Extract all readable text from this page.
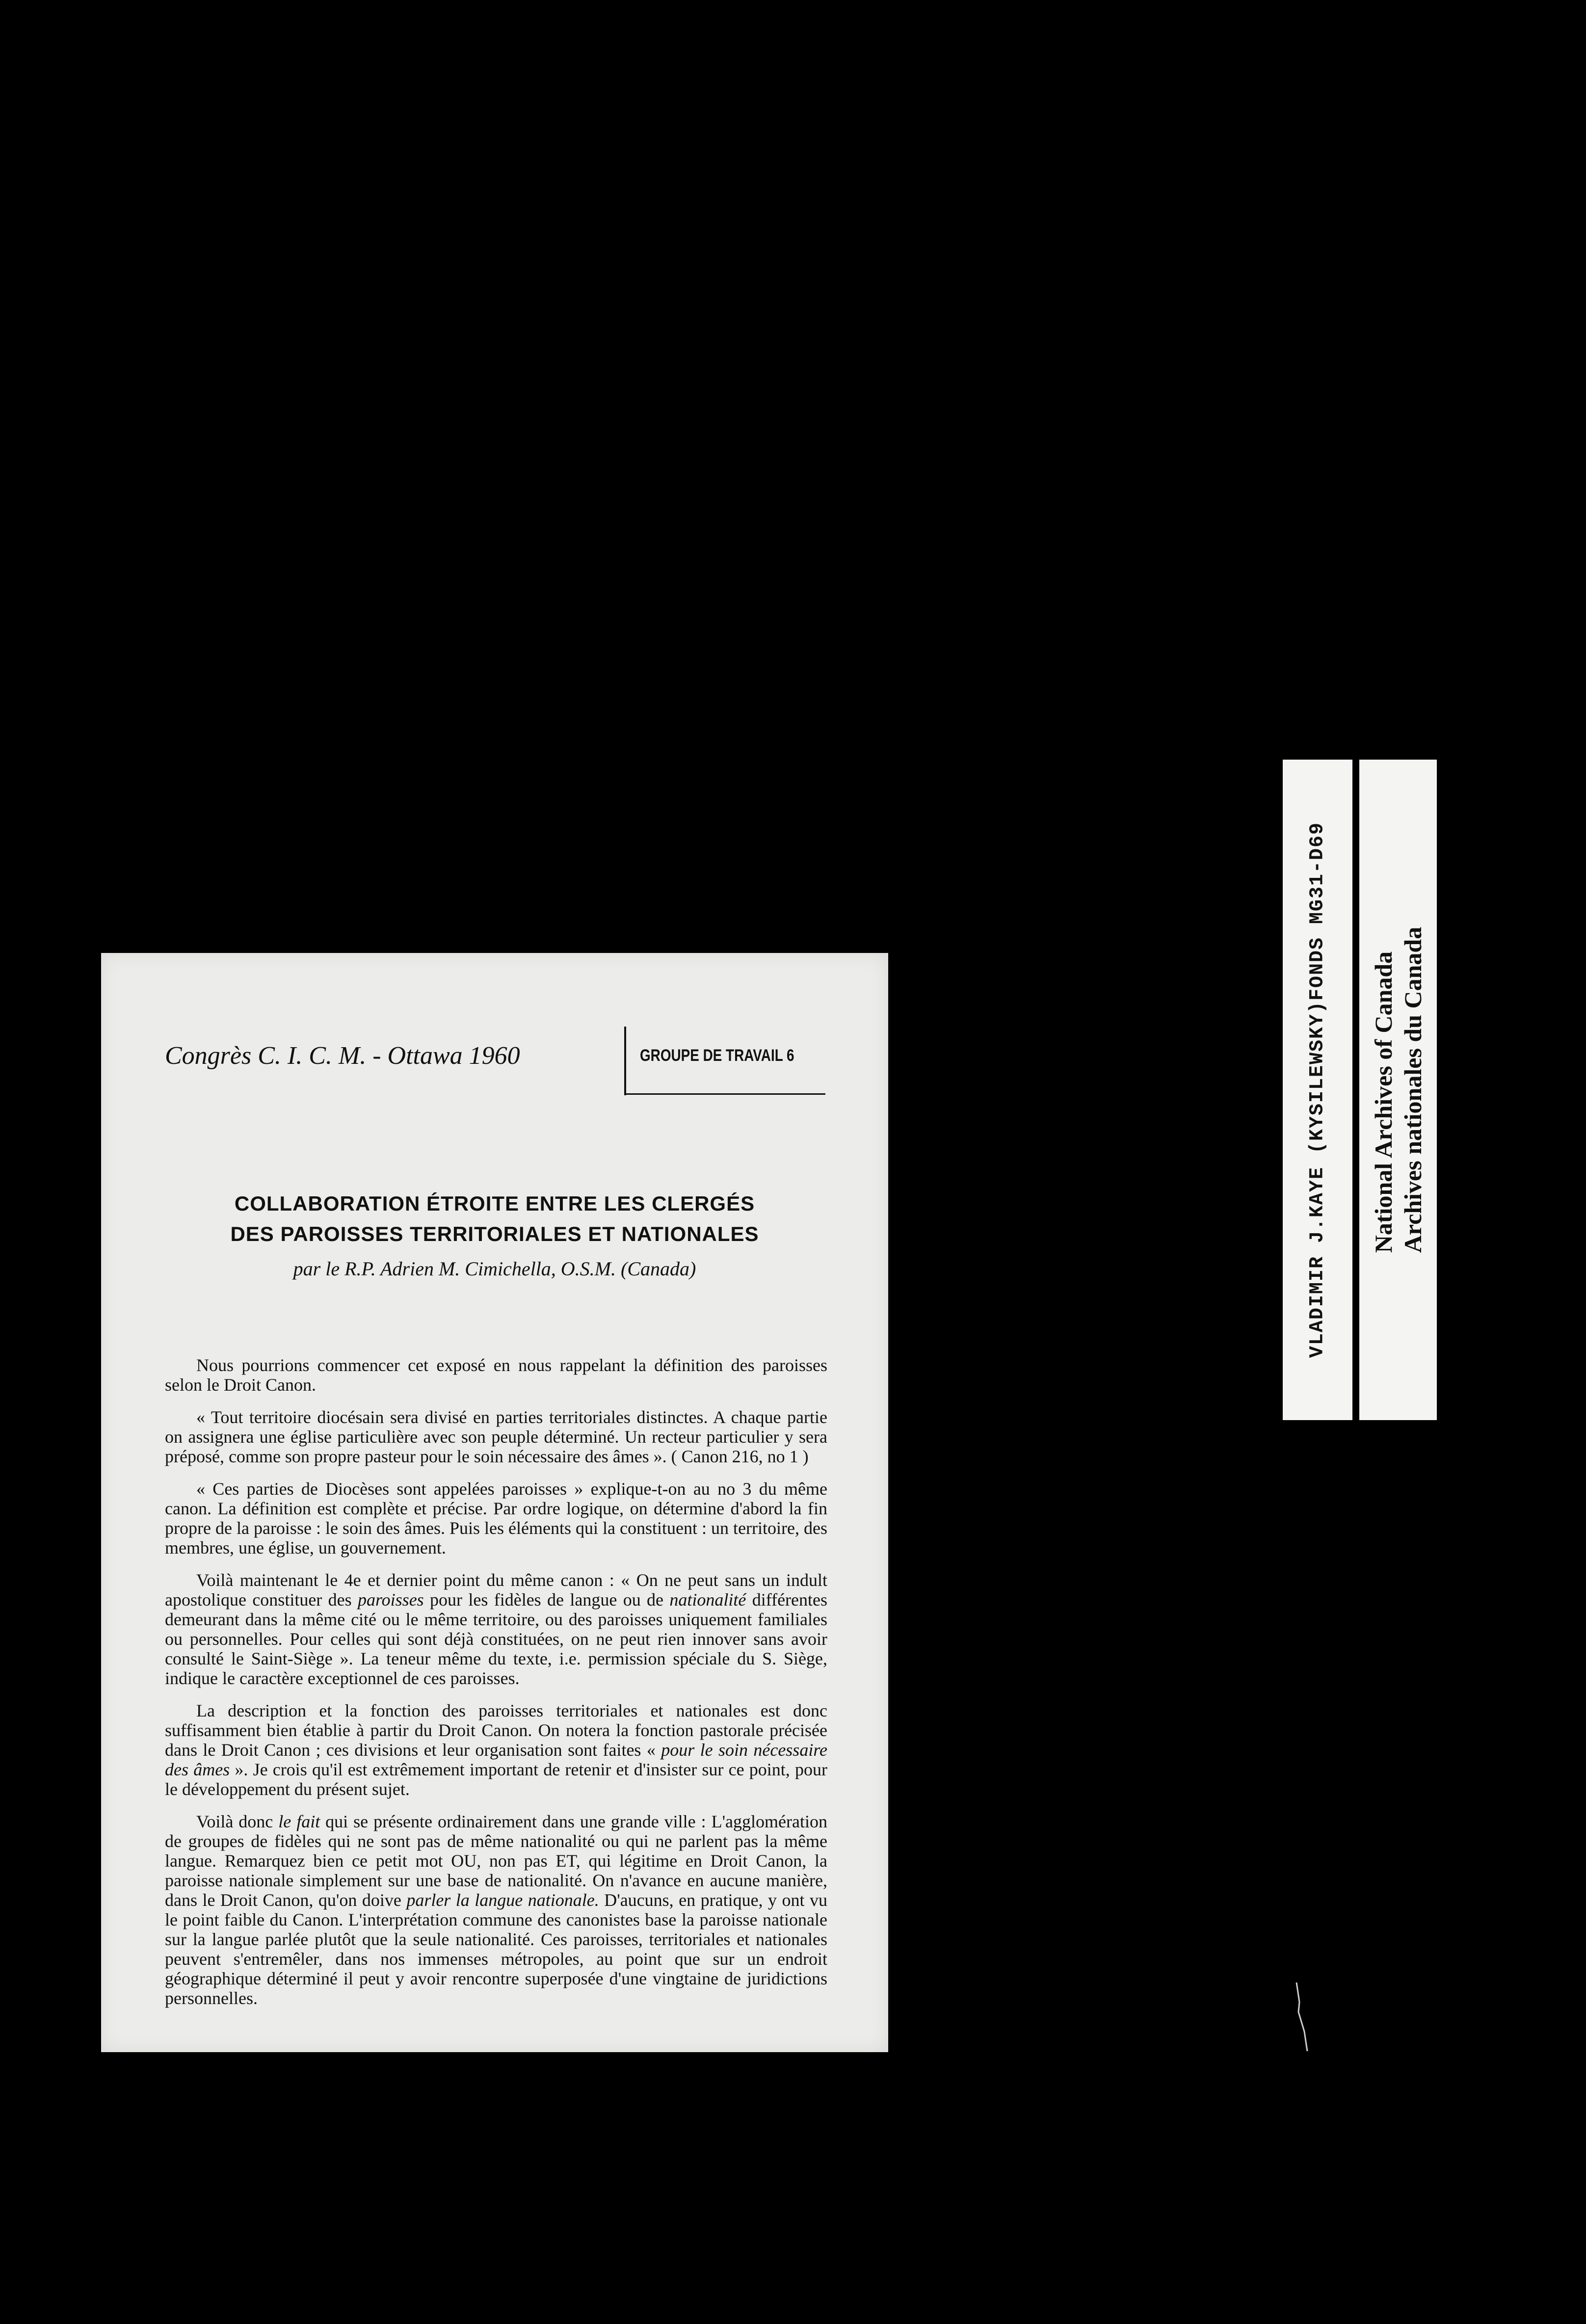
Congrès C. I. C. M. - Ottawa 1960	GROUPE DE TRAVAIL 6
COLLABORATION ÉTROITE ENTRE LES CLERGÉS
DES PAROISSES TERRITORIALES ET NATIONALES
par le R.P. Adrien M. Cimichella, O.S.M. (Canada)

Nous pourrions commencer cet exposé en nous rappelant la définition des paroisses selon le Droit Canon.

« Tout territoire diocésain sera divisé en parties territoriales distinctes. A chaque partie on assignera une église particulière avec son peuple déterminé. Un recteur particulier y sera préposé, comme son propre pasteur pour le soin nécessaire des âmes ». ( Canon 216, no 1 )

« Ces parties de Diocèses sont appelées paroisses » explique-t-on au no 3 du même canon. La définition est complète et précise. Par ordre logique, on détermine d'abord la fin propre de la paroisse : le soin des âmes. Puis les éléments qui la constituent : un territoire, des membres, une église, un gouvernement.

Voilà maintenant le 4e et dernier point du même canon : « On ne peut sans un indult apostolique constituer des paroisses pour les fidèles de langue ou de nationalité différentes demeurant dans la même cité ou le même territoire, ou des paroisses uniquement familiales ou personnelles. Pour celles qui sont déjà constituées, on ne peut rien innover sans avoir consulté le Saint-Siège ». La teneur même du texte, i.e. permission spéciale du S. Siège, indique le caractère exceptionnel de ces paroisses.

La description et la fonction des paroisses territoriales et nationales est donc suffisamment bien établie à partir du Droit Canon. On notera la fonction pastorale précisée dans le Droit Canon ; ces divisions et leur organisation sont faites « pour le soin nécessaire des âmes ». Je crois qu'il est extrêmement important de retenir et d'insister sur ce point, pour le développement du présent sujet.

Voilà donc le fait qui se présente ordinairement dans une grande ville : L'agglomération de groupes de fidèles qui ne sont pas de même nationalité ou qui ne parlent pas la même langue. Remarquez bien ce petit mot OU, non pas ET, qui légitime en Droit Canon, la paroisse nationale simplement sur une base de nationalité. On n'avance en aucune manière, dans le Droit Canon, qu'on doive parler la langue nationale. D'aucuns, en pratique, y ont vu le point faible du Canon. L'interprétation commune des canonistes base la paroisse nationale sur la langue parlée plutôt que la seule nationalité. Ces paroisses, territoriales et nationales peuvent s'entremêler, dans nos immenses métropoles, au point que sur un endroit géographique déterminé il peut y avoir rencontre superposée d'une vingtaine de juridictions personnelles.

VLADIMIR J.KAYE (KYSILEWSKY)FONDS MG31-D69 National Archives of Canada Archives nationales du Canada
